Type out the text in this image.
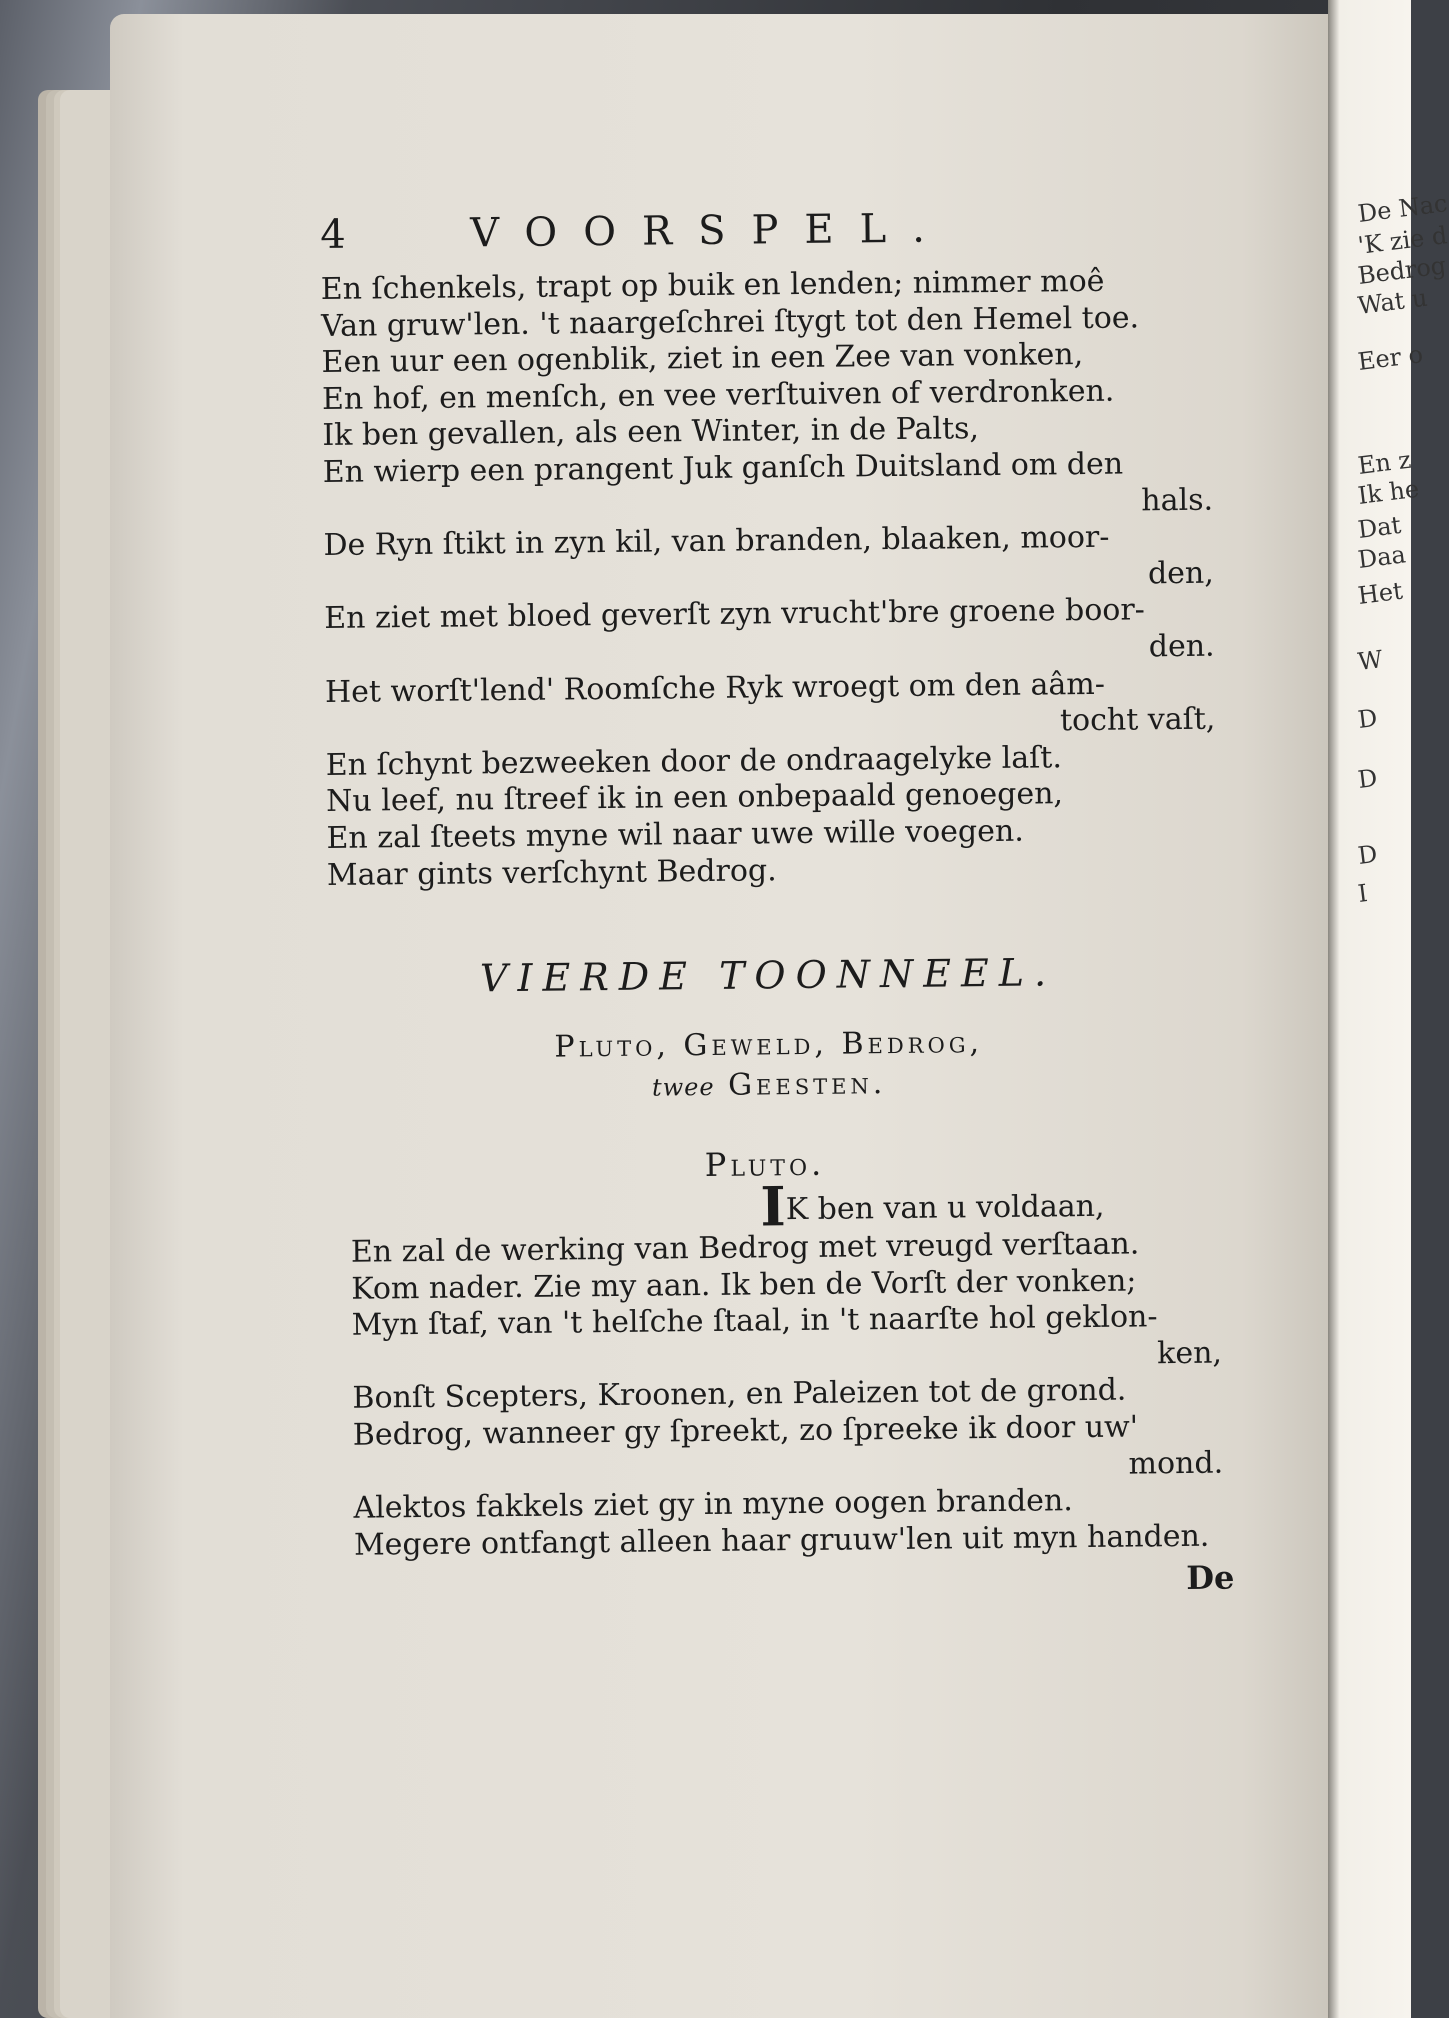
De Nac
'K zie d
Bedrog
Wat u
Eer o
En z
Ik he
Dat
Daa
Het
W
D
D
D
I
4	VOORSPEL.
En ſchenkels, trapt op buik en lenden; nimmer moê
Van gruw'len. 't naargeſchrei ſtygt tot den Hemel toe.
Een uur een ogenblik, ziet in een Zee van vonken,
En hof, en menſch, en vee verſtuiven of verdronken.
Ik ben gevallen, als een Winter, in de Palts,
En wierp een prangent Juk ganſch Duitsland om den
hals.
De Ryn ſtikt in zyn kil, van branden, blaaken, moor-
den,
En ziet met bloed geverſt zyn vrucht'bre groene boor-
den.
Het worſt'lend' Roomſche Ryk wroegt om den aâm-
tocht vaſt,
En ſchynt bezweeken door de ondraagelyke laſt.
Nu leef, nu ſtreef ik in een onbepaald genoegen,
En zal ſteets myne wil naar uwe wille voegen.
Maar gints verſchynt Bedrog.
VIERDE TOONNEEL.
Pluto, Geweld, Bedrog,
twee Geesten.
Pluto.
IK ben van u voldaan,
En zal de werking van Bedrog met vreugd verſtaan.
Kom nader. Zie my aan. Ik ben de Vorſt der vonken;
Myn ſtaf, van 't helſche ſtaal, in 't naarſte hol geklon-
ken,
Bonſt Scepters, Kroonen, en Paleizen tot de grond.
Bedrog, wanneer gy ſpreekt, zo ſpreeke ik door uw'
mond.
Alektos fakkels ziet gy in myne oogen branden.
Megere ontfangt alleen haar gruuw'len uit myn handen.
De
